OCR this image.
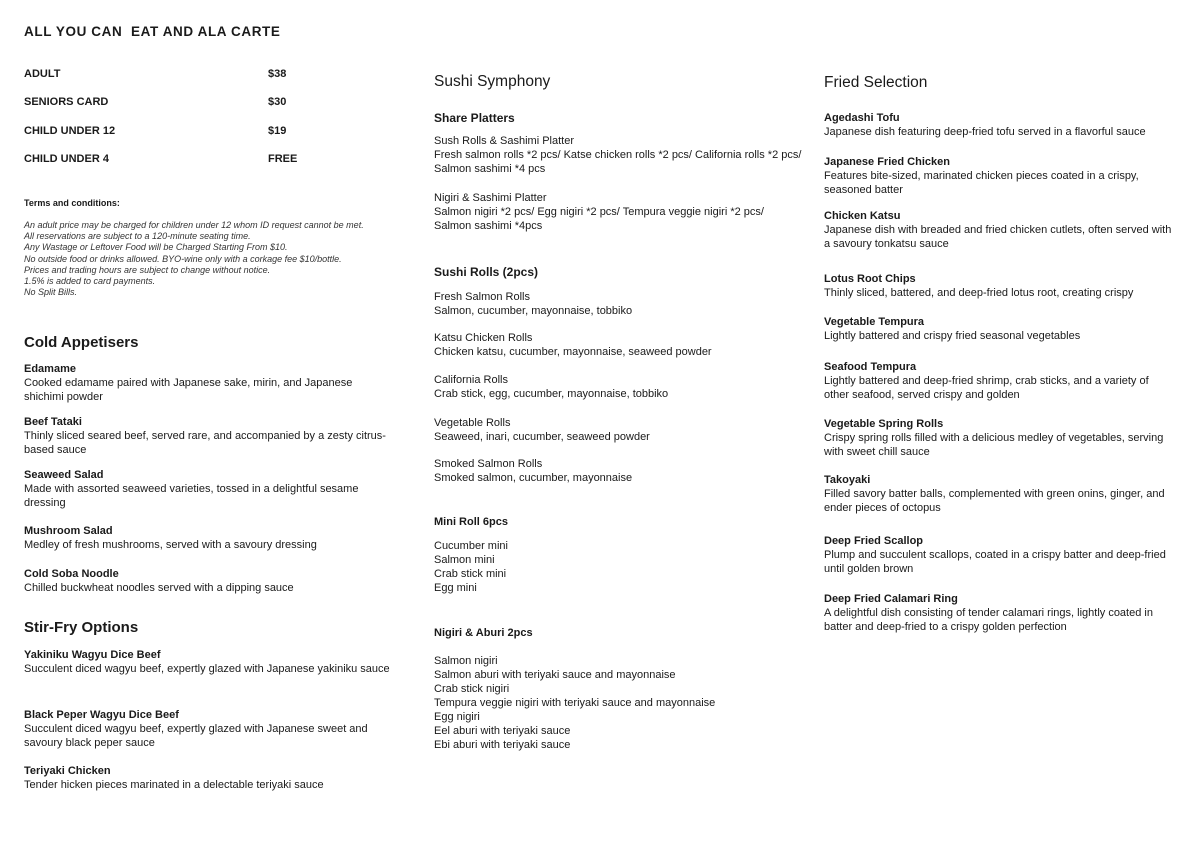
ALL YOU CAN  EAT AND ALA CARTE
ADULT	$38
SENIORS CARD	$30
CHILD UNDER 12	$19
CHILD UNDER 4	FREE
Terms and conditions:
An adult price may be charged for children under 12 whom ID request cannot be met.
All reservations are subject to a 120-minute seating time.
Any Wastage or Leftover Food will be Charged Starting From $10.
No outside food or drinks allowed. BYO-wine only with a corkage fee $10/bottle.
Prices and trading hours are subject to change without notice.
1.5% is added to card payments.
No Split Bills.
Cold Appetisers
Edamame
Cooked edamame paired with Japanese sake, mirin, and Japanese shichimi powder
Beef Tataki
Thinly sliced seared beef, served rare, and accompanied by a zesty citrus-based sauce
Seaweed Salad
Made with assorted seaweed varieties, tossed in a delightful sesame dressing
Mushroom Salad
Medley of fresh mushrooms, served with a savoury dressing
Cold Soba Noodle
Chilled buckwheat noodles served with a dipping sauce
Stir-Fry Options
Yakiniku Wagyu Dice Beef
Succulent diced wagyu beef, expertly glazed with Japanese yakiniku sauce
Black Peper Wagyu Dice Beef
Succulent diced wagyu beef, expertly glazed with Japanese sweet and savoury black peper sauce
Teriyaki Chicken
Tender hicken pieces marinated in a delectable teriyaki sauce
Sushi Symphony
Share Platters
Sush Rolls & Sashimi Platter
Fresh salmon rolls *2 pcs/ Katse chicken rolls *2 pcs/ California rolls *2 pcs/ Salmon sashimi *4 pcs
Nigiri & Sashimi Platter
Salmon nigiri *2 pcs/ Egg nigiri *2 pcs/ Tempura veggie nigiri *2 pcs/ Salmon sashimi *4pcs
Sushi Rolls (2pcs)
Fresh Salmon Rolls
Salmon, cucumber, mayonnaise, tobbiko
Katsu Chicken Rolls
Chicken katsu, cucumber, mayonnaise, seaweed powder
California Rolls
Crab stick, egg, cucumber, mayonnaise, tobbiko
Vegetable Rolls
Seaweed, inari, cucumber, seaweed powder
Smoked Salmon Rolls
Smoked salmon, cucumber, mayonnaise
Mini Roll 6pcs
Cucumber mini
Salmon mini
Crab stick mini
Egg mini
Nigiri & Aburi 2pcs
Salmon nigiri
Salmon aburi with teriyaki sauce and mayonnaise
Crab stick nigiri
Tempura veggie nigiri with teriyaki sauce and mayonnaise
Egg nigiri
Eel aburi with teriyaki sauce
Ebi aburi with teriyaki sauce
Fried Selection
Agedashi Tofu
Japanese dish featuring deep-fried tofu served in a flavorful sauce
Japanese Fried Chicken
Features bite-sized, marinated chicken pieces coated in a crispy, seasoned batter
Chicken Katsu
Japanese dish with breaded and fried chicken cutlets, often served with a savoury tonkatsu sauce
Lotus Root Chips
Thinly sliced, battered, and deep-fried lotus root, creating crispy
Vegetable Tempura
Lightly battered and crispy fried seasonal vegetables
Seafood Tempura
Lightly battered and deep-fried shrimp, crab sticks, and a variety of other seafood, served crispy and golden
Vegetable Spring Rolls
Crispy spring rolls filled with a delicious medley of vegetables, serving with sweet chill sauce
Takoyaki
Filled savory batter balls, complemented with green onins, ginger, and ender pieces of octopus
Deep Fried Scallop
Plump and succulent scallops, coated in a crispy batter and deep-fried until golden brown
Deep Fried Calamari Ring
A delightful dish consisting of tender calamari rings, lightly coated in batter and deep-fried to a crispy golden perfection
